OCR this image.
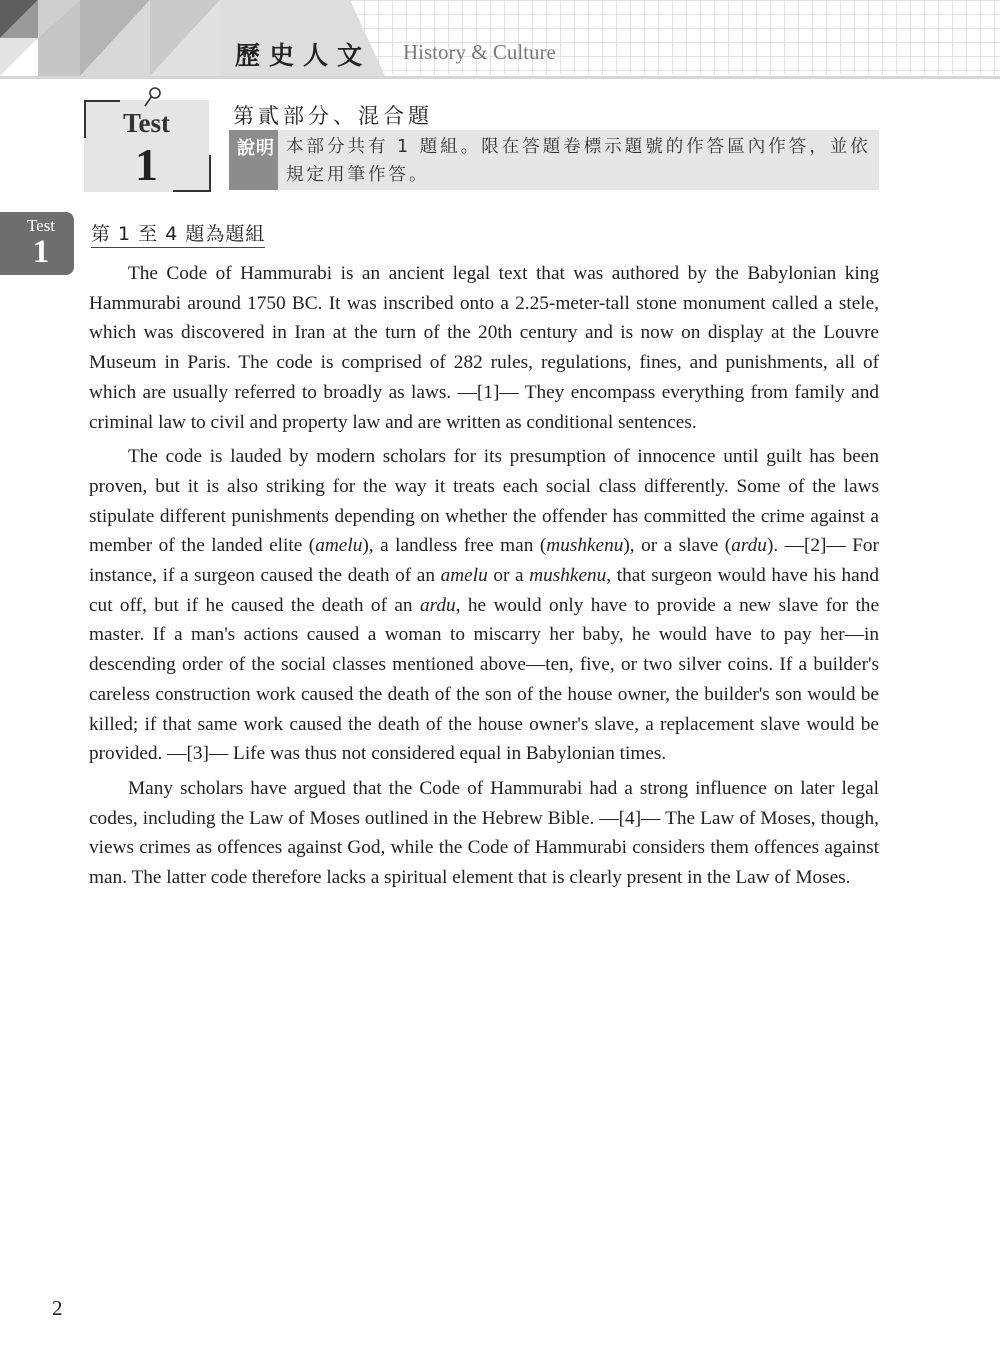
歷史人文 History & Culture
Test
1
第貳部分、混合題
說明 本部分共有 1 題組。限在答題卷標示題號的作答區內作答，並依規定用筆作答。
Test
1	第 1 至 4 題為題組

The Code of Hammurabi is an ancient legal text that was authored by the Babylonian king Hammurabi around 1750 BC. It was inscribed onto a 2.25-meter-tall stone monument called a stele, which was discovered in Iran at the turn of the 20th century and is now on display at the Louvre Museum in Paris. The code is comprised of 282 rules, regulations, fines, and punishments, all of which are usually referred to broadly as laws. —[1]— They encompass everything from family and criminal law to civil and property law and are written as conditional sentences.

The code is lauded by modern scholars for its presumption of innocence until guilt has been proven, but it is also striking for the way it treats each social class differently. Some of the laws stipulate different punishments depending on whether the offender has committed the crime against a member of the landed elite (amelu), a landless free man (mushkenu), or a slave (ardu). —[2]— For instance, if a surgeon caused the death of an amelu or a mushkenu, that surgeon would have his hand cut off, but if he caused the death of an ardu, he would only have to provide a new slave for the master. If a man's actions caused a woman to miscarry her baby, he would have to pay her—in descending order of the social classes mentioned above—ten, five, or two silver coins. If a builder's careless construction work caused the death of the son of the house owner, the builder's son would be killed; if that same work caused the death of the house owner's slave, a replacement slave would be provided. —[3]— Life was thus not considered equal in Babylonian times.

Many scholars have argued that the Code of Hammurabi had a strong influence on later legal codes, including the Law of Moses outlined in the Hebrew Bible. —[4]— The Law of Moses, though, views crimes as offences against God, while the Code of Hammurabi considers them offences against man. The latter code therefore lacks a spiritual element that is clearly present in the Law of Moses.

2
